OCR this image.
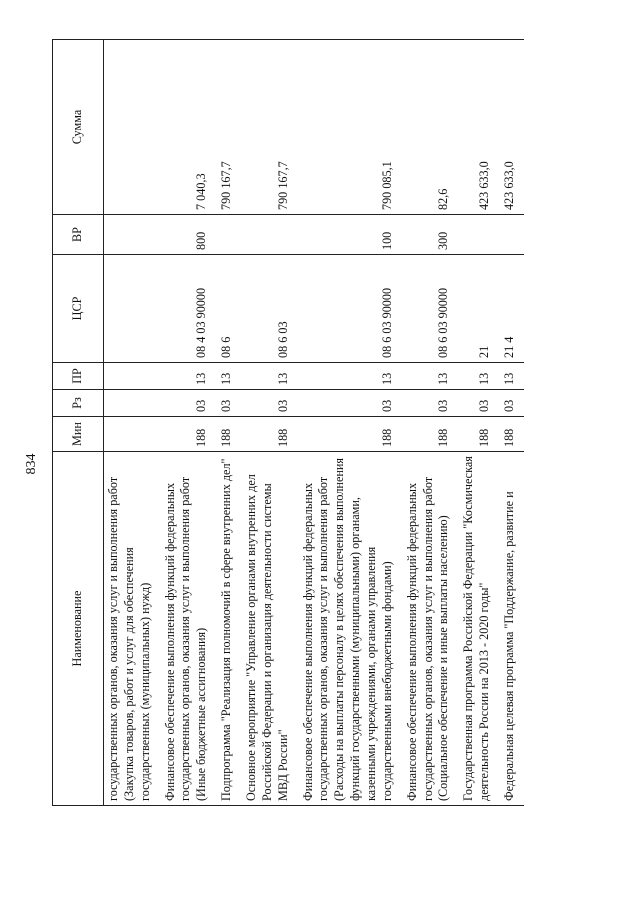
834
Наименование	Мин	Рз	ПР	ЦСР	ВР	Сумма
государственных органов, оказания услуг и выполнения работ (Закупка товаров, работ и услуг для обеспечения государственных (муниципальных) нужд)						
Финансовое обеспечение выполнения функций федеральных государственных органов, оказания услуг и выполнения работ (Иные бюджетные ассигнования)	188	03	13	08 4 03 90000	800	7 040,3
Подпрограмма "Реализация полномочий в сфере внутренних дел"	188	03	13	08 6		790 167,7
Основное мероприятие "Управление органами внутренних дел Российской Федерации и организация деятельности системы МВД России"	188	03	13	08 6 03		790 167,7
Финансовое обеспечение выполнения функций федеральных государственных органов, оказания услуг и выполнения работ (Расходы на выплаты персоналу в целях обеспечения выполнения функций государственными (муниципальными) органами, казенными учреждениями, органами управления государственными внебюджетными фондами)	188	03	13	08 6 03 90000	100	790 085,1
Финансовое обеспечение выполнения функций федеральных государственных органов, оказания услуг и выполнения работ (Социальное обеспечение и иные выплаты населению)	188	03	13	08 6 03 90000	300	82,6
Государственная программа Российской Федерации "Космическая деятельность России на 2013 - 2020 годы"	188	03	13	21		423 633,0
Федеральная целевая программа "Поддержание, развитие и	188	03	13	21 4		423 633,0
